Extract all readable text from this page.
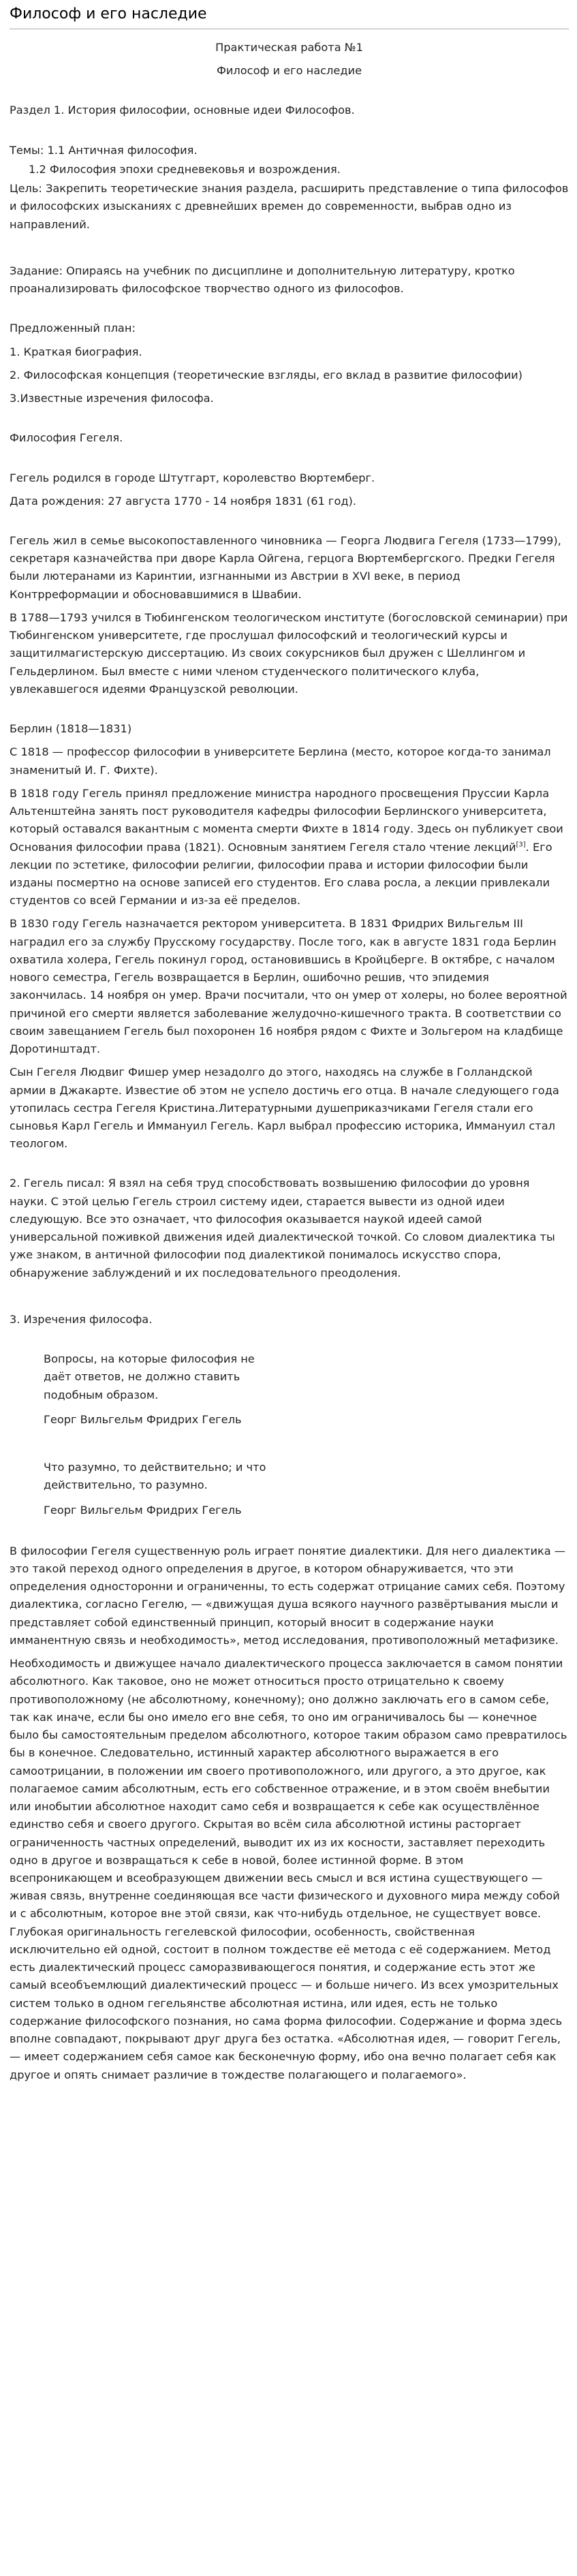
Философ и его наследие

Практическая работа №1

Философ и его наследие

Раздел 1. История философии, основные идеи Философов.

Темы: 1.1 Античная философия.

1.2 Философия эпохи средневековья и возрождения.

Цель: Закрепить теоретические знания раздела, расширить представление о типа философов и философских изысканиях с древнейших времен до современности, выбрав одно из направлений.

Задание: Опираясь на учебник по дисциплине и дополнительную литературу, кротко проанализировать философское творчество одного из философов.

Предложенный план:

1. Краткая биография.

2. Философская концепция (теоретические взгляды, его вклад в развитие философии)

3.Известные изречения философа.

Философия Гегеля.

Гегель родился в городе Штутгарт, королевство Вюртемберг.

Дата рождения: 27 августа 1770 - 14 ноября 1831 (61 год).

Гегель жил в семье высокопоставленного чиновника — Георга Людвига Гегеля (1733—1799), секретаря казначейства при дворе Карла Ойгена, герцога Вюртембергского. Предки Гегеля были лютеранами из Каринтии, изгнанными из Австрии в XVI веке, в период Контрреформации и обосновавшимися в Швабии.

В 1788—1793 учился в Тюбингенском теологическом институте (богословской семинарии) при Тюбингенском университете, где прослушал философский и теологический курсы и защитилмагистерскую диссертацию. Из своих сокурсников был дружен с Шеллингом и Гельдерлином. Был вместе с ними членом студенческого политического клуба, увлекавшегося идеями Французской революции.

Берлин (1818—1831)

С 1818 — профессор философии в университете Берлина (место, которое когда-то занимал знаменитый И. Г. Фихте).

В 1818 году Гегель принял предложение министра народного просвещения Пруссии Карла Альтенштейна занять пост руководителя кафедры философии Берлинского университета, который оставался вакантным с момента смерти Фихте в 1814 году. Здесь он публикует свои Основания философии права (1821). Основным занятием Гегеля стало чтение лекций[3]. Его лекции по эстетике, философии религии, философии права и истории философии были изданы посмертно на основе записей его студентов. Его слава росла, а лекции привлекали студентов со всей Германии и из-за её пределов.

В 1830 году Гегель назначается ректором университета. В 1831 Фридрих Вильгельм III наградил его за службу Прусскому государству. После того, как в августе 1831 года Берлин охватила холера, Гегель покинул город, остановившись в Кройцберге. В октябре, с началом нового семестра, Гегель возвращается в Берлин, ошибочно решив, что эпидемия закончилась. 14 ноября он умер. Врачи посчитали, что он умер от холеры, но более вероятной причиной его смерти является заболевание желудочно-кишечного тракта. В соответствии со своим завещанием Гегель был похоронен 16 ноября рядом с Фихте и Зольгером на кладбище Доротинштадт.

Сын Гегеля Людвиг Фишер умер незадолго до этого, находясь на службе в Голландской армии в Джакарте. Известие об этом не успело достичь его отца. В начале следующего года утопилась сестра Гегеля Кристина.Литературными душеприказчиками Гегеля стали его сыновья Карл Гегель и Иммануил Гегель. Карл выбрал профессию историка, Иммануил стал теологом.

2. Гегель писал: Я взял на себя труд способствовать возвышению философии до уровня науки. С этой целью Гегель строил систему идеи, старается вывести из одной идеи следующую. Все это означает, что философия оказывается наукой идеей самой универсальной поживкой движения идей диалектической точкой. Со словом диалектика ты уже знаком, в античной философии под диалектикой понималось искусство спора, обнаружение заблуждений и их последовательного преодоления.

3. Изречения философа.

Вопросы, на которые философия не даёт ответов, не должно ставить подобным образом.

Георг Вильгельм Фридрих Гегель

Что разумно, то действительно; и что действительно, то разумно.

Георг Вильгельм Фридрих Гегель

В философии Гегеля существенную роль играет понятие диалектики. Для него диалектика — это такой переход одного определения в другое, в котором обнаруживается, что эти определения односторонни и ограниченны, то есть содержат отрицание самих себя. Поэтому диалектика, согласно Гегелю, — «движущая душа всякого научного развёртывания мысли и представляет собой единственный принцип, который вносит в содержание науки имманентную связь и необходимость», метод исследования, противоположный метафизике.

Необходимость и движущее начало диалектического процесса заключается в самом понятии абсолютного. Как таковое, оно не может относиться просто отрицательно к своему противоположному (не абсолютному, конечному); оно должно заключать его в самом себе, так как иначе, если бы оно имело его вне себя, то оно им ограничивалось бы — конечное было бы самостоятельным пределом абсолютного, которое таким образом само превратилось бы в конечное. Следовательно, истинный характер абсолютного выражается в его самоотрицании, в положении им своего противоположного, или другого, а это другое, как полагаемое самим абсолютным, есть его собственное отражение, и в этом своём внебытии или инобытии абсолютное находит само себя и возвращается к себе как осуществлённое единство себя и своего другого. Скрытая во всём сила абсолютной истины расторгает ограниченность частных определений, выводит их из их косности, заставляет переходить одно в другое и возвращаться к себе в новой, более истинной форме. В этом всепроникающем и всеобразующем движении весь смысл и вся истина существующего — живая связь, внутренне соединяющая все части физического и духовного мира между собой и с абсолютным, которое вне этой связи, как что-нибудь отдельное, не существует вовсе. Глубокая оригинальность гегелевской философии, особенность, свойственная исключительно ей одной, состоит в полном тождестве её метода с её содержанием. Метод есть диалектический процесс саморазвивающегося понятия, и содержание есть этот же самый всеобъемлющий диалектический процесс — и больше ничего. Из всех умозрительных систем только в одном гегельянстве абсолютная истина, или идея, есть не только содержание философского познания, но сама форма философии. Содержание и форма здесь вполне совпадают, покрывают друг друга без остатка. «Абсолютная идея, — говорит Гегель, — имеет содержанием себя самое как бесконечную форму, ибо она вечно полагает себя как другое и опять снимает различие в тождестве полагающего и полагаемого».
